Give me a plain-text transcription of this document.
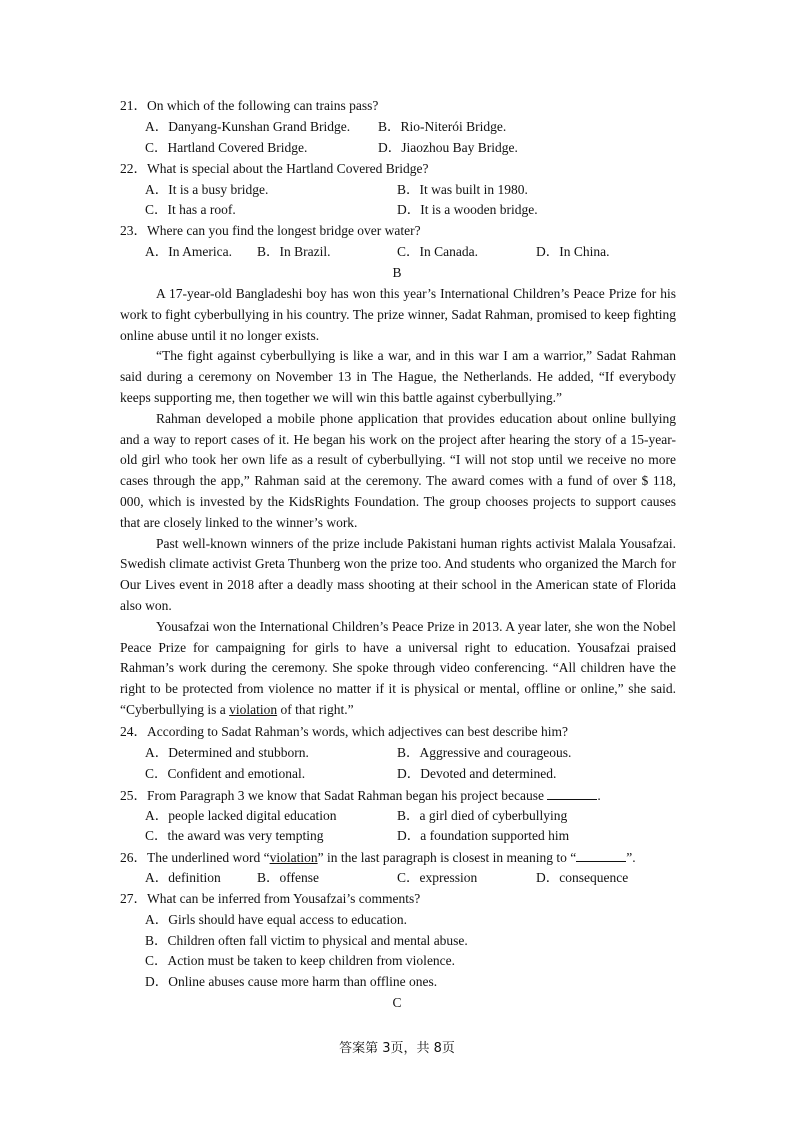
21．On which of the following can trains pass?
A．Danyang-Kunshan Grand Bridge. B．Rio-Niterói Bridge.
C．Hartland Covered Bridge.	D．Jiaozhou Bay Bridge.
22．What is special about the Hartland Covered Bridge?
A．It is a busy bridge.	B．It was built in 1980.
C．It has a roof.	D．It is a wooden bridge.
23．Where can you find the longest bridge over water?
A．In America. B．In Brazil.	C．In Canada.	D．In China.
B

A 17-year-old Bangladeshi boy has won this year’s International Children’s Peace Prize for his work to fight cyberbullying in his country. The prize winner, Sadat Rahman, promised to keep fighting online abuse until it no longer exists.

“The fight against cyberbullying is like a war, and in this war I am a warrior,” Sadat Rahman said during a ceremony on November 13 in The Hague, the Netherlands. He added, “If everybody keeps supporting me, then together we will win this battle against cyberbullying.”

Rahman developed a mobile phone application that provides education about online bullying and a way to report cases of it. He began his work on the project after hearing the story of a 15-year-old girl who took her own life as a result of cyberbullying. “I will not stop until we receive no more cases through the app,” Rahman said at the ceremony. The award comes with a fund of over $ 118, 000, which is invested by the KidsRights Foundation. The group chooses projects to support causes that are closely linked to the winner’s work.

Past well-known winners of the prize include Pakistani human rights activist Malala Yousafzai. Swedish climate activist Greta Thunberg won the prize too. And students who organized the March for Our Lives event in 2018 after a deadly mass shooting at their school in the American state of Florida also won.

Yousafzai won the International Children’s Peace Prize in 2013. A year later, she won the Nobel Peace Prize for campaigning for girls to have a universal right to education. Yousafzai praised Rahman’s work during the ceremony. She spoke through video conferencing. “All children have the right to be protected from violence no matter if it is physical or mental, offline or online,” she said. “Cyberbullying is a violation of that right.”

24．According to Sadat Rahman’s words, which adjectives can best describe him?
A．Determined and stubborn.	B．Aggressive and courageous.
C．Confident and emotional.	D．Devoted and determined.
25．From Paragraph 3 we know that Sadat Rahman began his project because	.
A．people lacked digital education	B．a girl died of cyberbullying
C．the award was very tempting	D．a foundation supported him
26．The underlined word “violation” in the last paragraph is closest in meaning to “	”.
A．definition	B．offense	C．expression	D．consequence
27．What can be inferred from Yousafzai’s comments?
A．Girls should have equal access to education.
B．Children often fall victim to physical and mental abuse.
C．Action must be taken to keep children from violence.
D．Online abuses cause more harm than offline ones.
C
答案第 3页，共 8页
